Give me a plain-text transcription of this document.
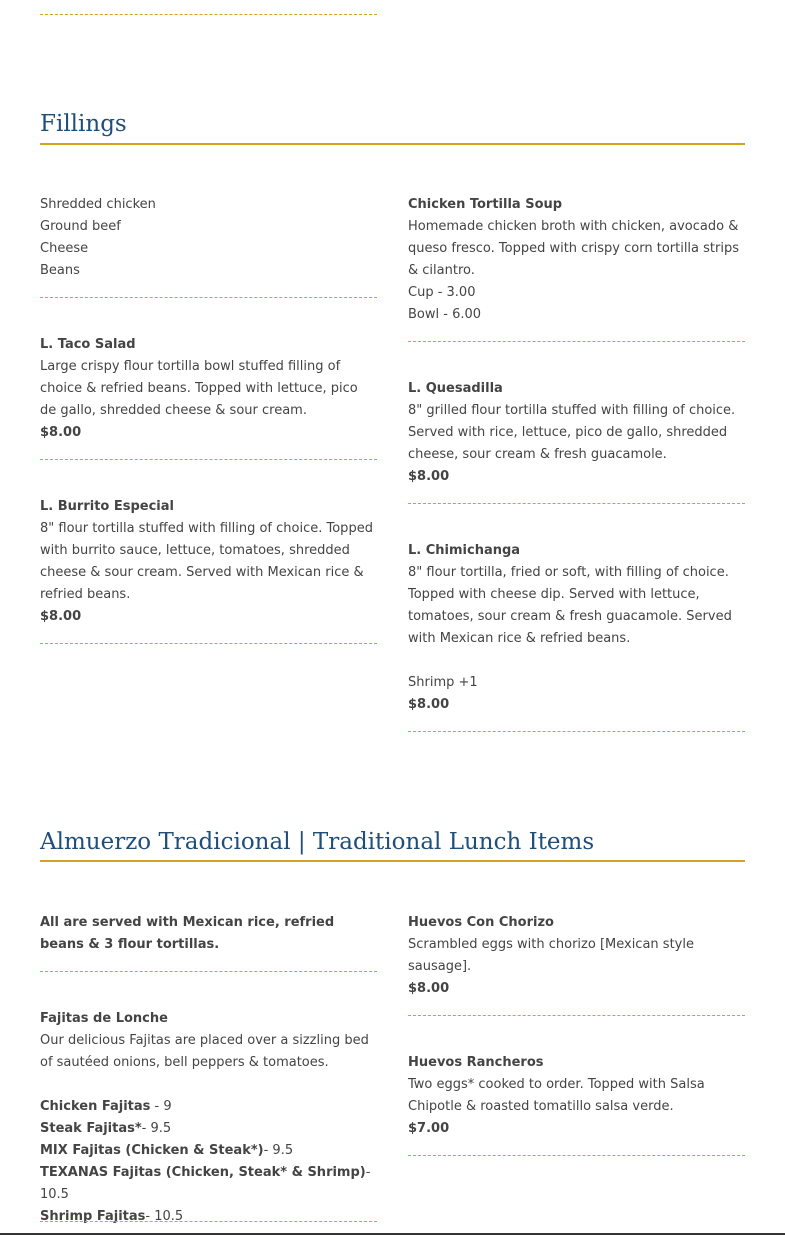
Fillings
Shredded chicken
Ground beef
Cheese
Beans
L. Taco Salad

Large crispy flour tortilla bowl stuffed filling of choice & refried beans. Topped with lettuce, pico de gallo, shredded cheese & sour cream.

$8.00
L. Burrito Especial

8" flour tortilla stuffed with filling of choice. Topped with burrito sauce, lettuce, tomatoes, shredded cheese & sour cream. Served with Mexican rice & refried beans.

$8.00
Chicken Tortilla Soup

Homemade chicken broth with chicken, avocado & queso fresco. Topped with crispy corn tortilla strips & cilantro.

Cup - 3.00
Bowl - 6.00
L. Quesadilla

8" grilled flour tortilla stuffed with filling of choice. Served with rice, lettuce, pico de gallo, shredded cheese, sour cream & fresh guacamole.

$8.00
L. Chimichanga

8" flour tortilla, fried or soft, with filling of choice. Topped with cheese dip. Served with lettuce, tomatoes, sour cream & fresh guacamole. Served with Mexican rice & refried beans.

Shrimp +1
$8.00
Almuerzo Tradicional | Traditional Lunch Items

All are served with Mexican rice, refried beans & 3 flour tortillas.

Fajitas de Lonche

Our delicious Fajitas are placed over a sizzling bed of sautéed onions, bell peppers & tomatoes.

Chicken Fajitas - 9
Steak Fajitas*- 9.5
MIX Fajitas (Chicken & Steak*)- 9.5
TEXANAS Fajitas (Chicken, Steak* & Shrimp)- 10.5
Shrimp Fajitas- 10.5
Huevos Con Chorizo

Scrambled eggs with chorizo [Mexican style sausage].

$8.00
Huevos Rancheros

Two eggs* cooked to order. Topped with Salsa Chipotle & roasted tomatillo salsa verde.

$7.00
